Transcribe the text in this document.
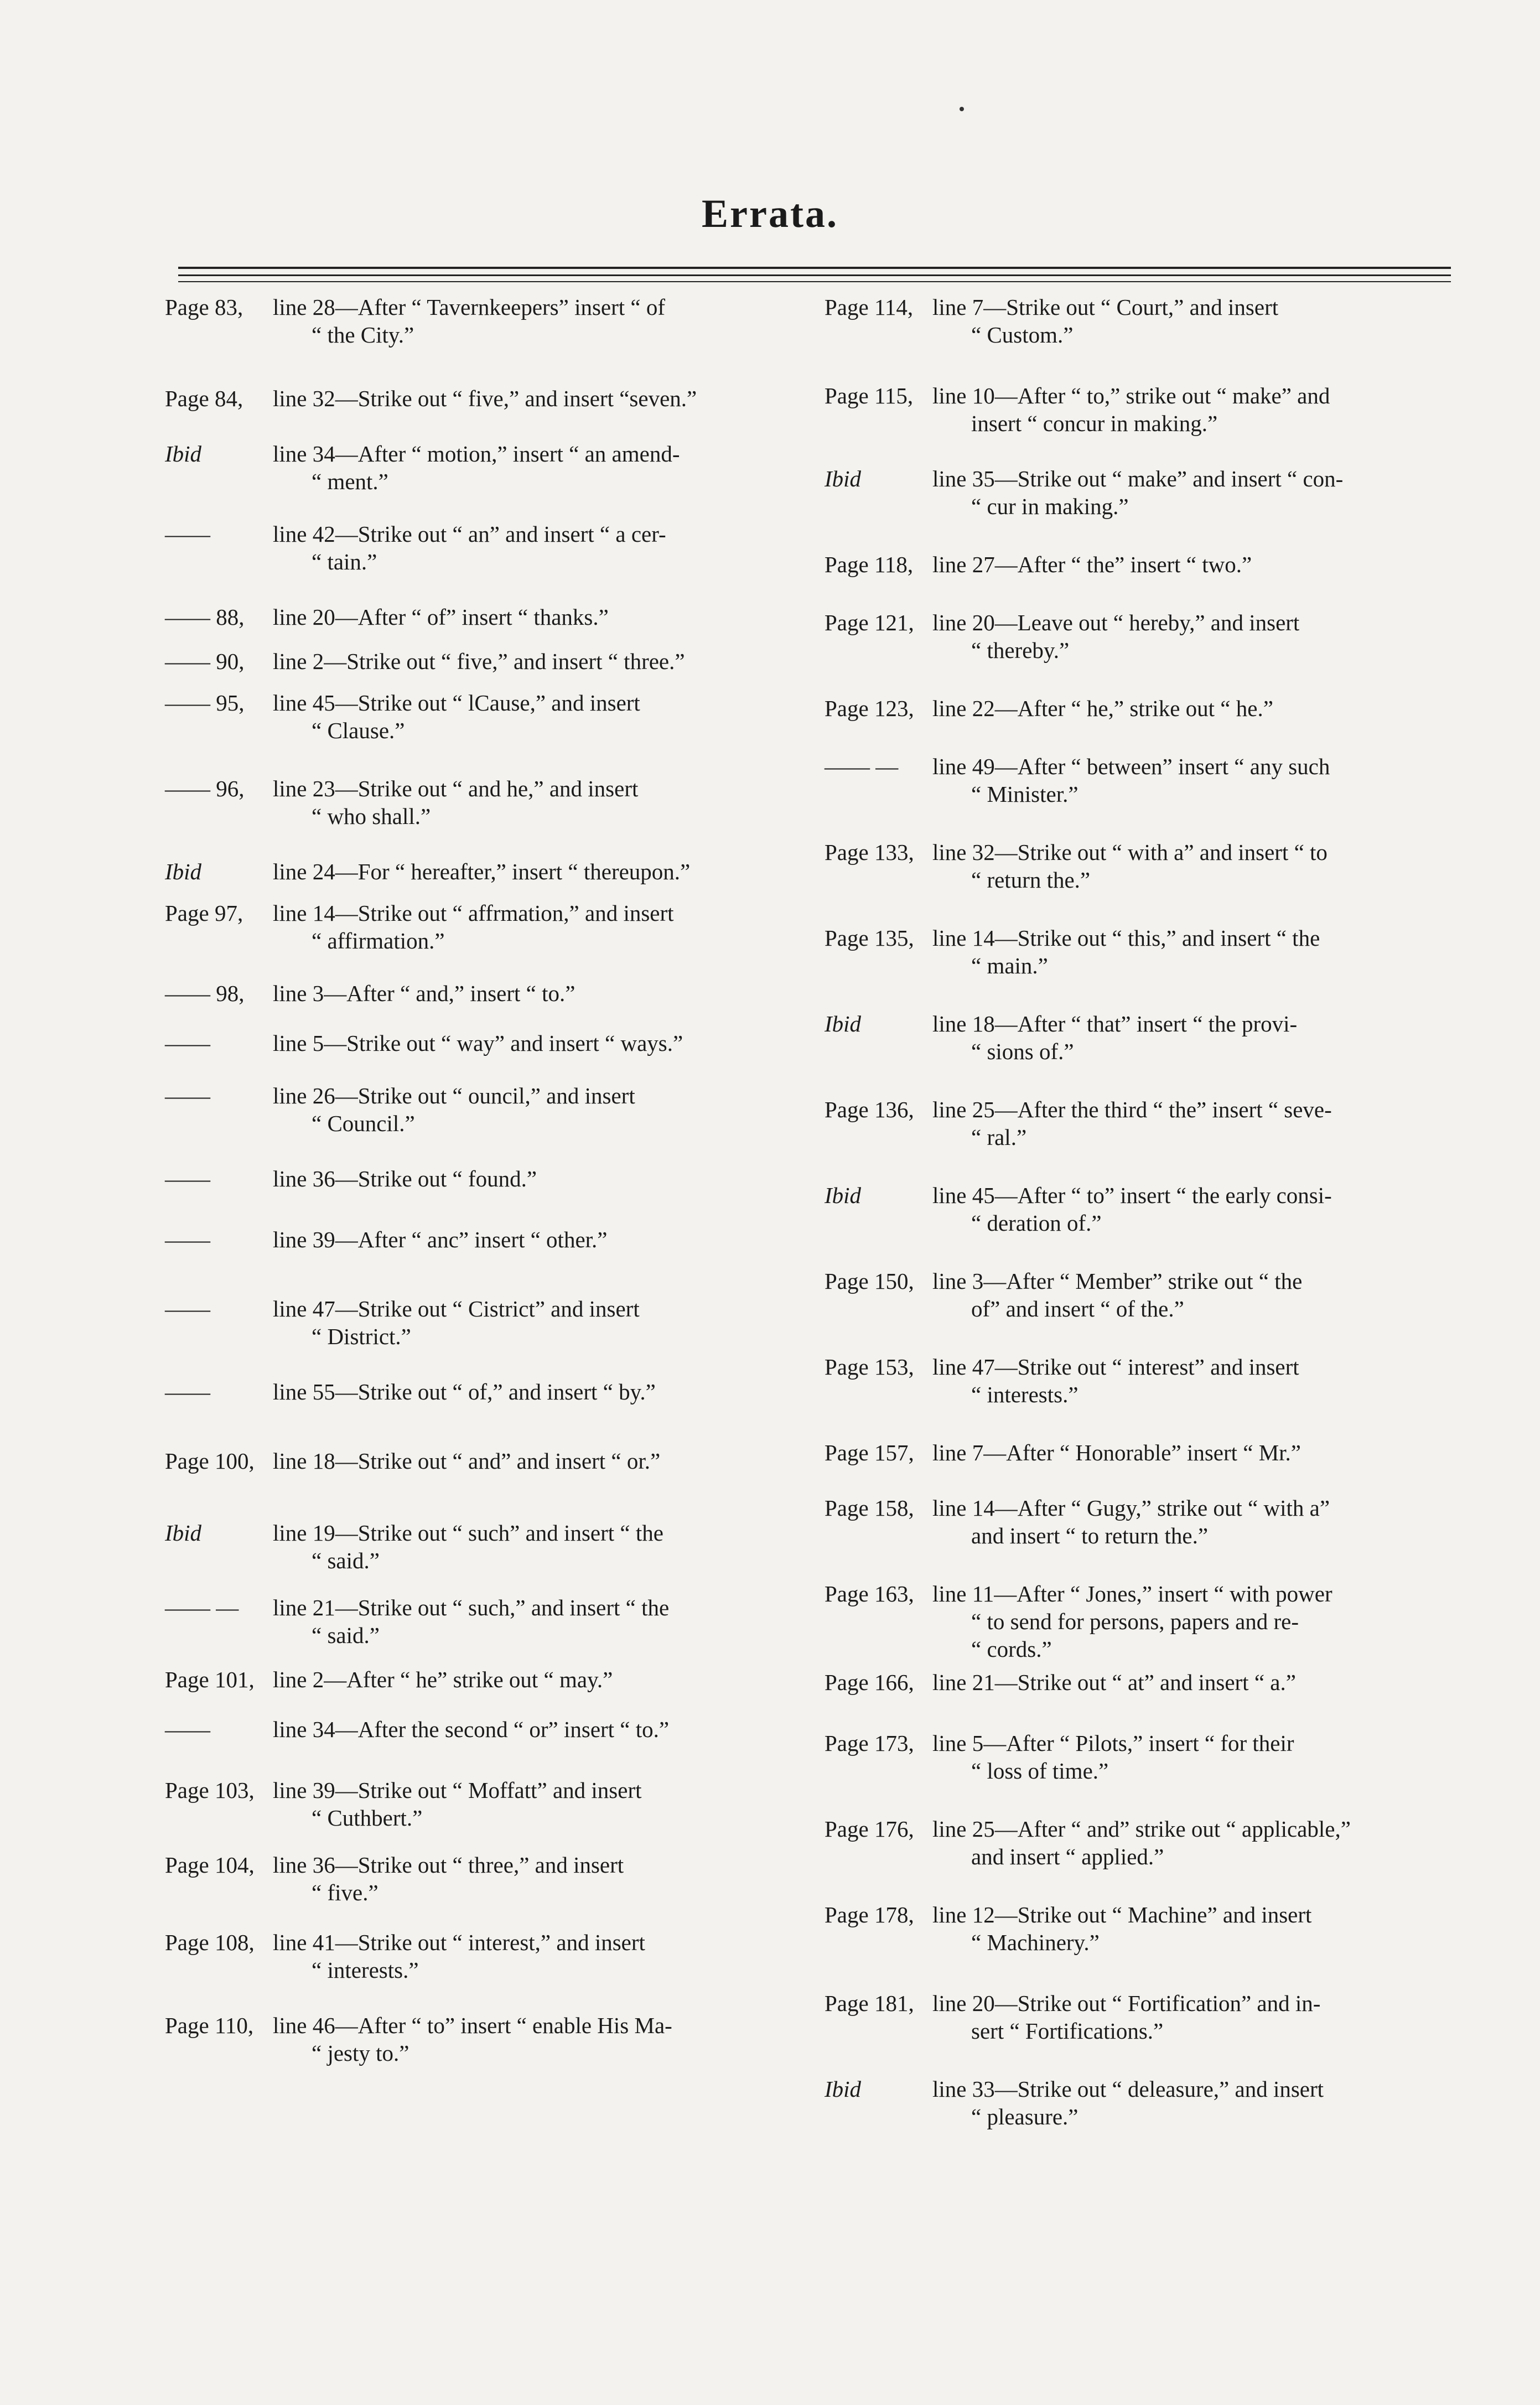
Errata.
Page 83, line 28—After “ Tavernkeepers” insert “ of
“ the City.”
Page 84, line 32—Strike out “ five,” and insert “seven.”
Ibid	line 34—After “ motion,” insert “ an amend-
“ ment.”
——	line 42—Strike out “ an” and insert “ a cer-
“ tain.”
—— 88, line 20—After “ of” insert “ thanks.”
—— 90, line 2—Strike out “ five,” and insert “ three.”
—— 95, line 45—Strike out “ lCause,” and insert
“ Clause.”
—— 96, line 23—Strike out “ and he,” and insert
“ who shall.”
Ibid	line 24—For “ hereafter,” insert “ thereupon.”
Page 97, line 14—Strike out “ affrmation,” and insert
“ affirmation.”
—— 98, line 3—After “ and,” insert “ to.”
——	line 5—Strike out “ way” and insert “ ways.”
——	line 26—Strike out “ ouncil,” and insert
“ Council.”
——	line 36—Strike out “ found.”
——	line 39—After “ anc” insert “ other.”
——	line 47—Strike out “ Cistrict” and insert
“ District.”
——	line 55—Strike out “ of,” and insert “ by.”
Page 100, line 18—Strike out “ and” and insert “ or.”
Ibid	line 19—Strike out “ such” and insert “ the
“ said.”
—— — line 21—Strike out “ such,” and insert “ the
“ said.”
Page 101, line 2—After “ he” strike out “ may.”
——	line 34—After the second “ or” insert “ to.”
Page 103, line 39—Strike out “ Moffatt” and insert
“ Cuthbert.”
Page 104, line 36—Strike out “ three,” and insert
“ five.”
Page 108, line 41—Strike out “ interest,” and insert
“ interests.”
Page 110, line 46—After “ to” insert “ enable His Ma-
“ jesty to.”
Page 114, line 7—Strike out “ Court,” and insert
“ Custom.”
Page 115, line 10—After “ to,” strike out “ make” and
insert “ concur in making.”
Ibid	line 35—Strike out “ make” and insert “ con-
“ cur in making.”
Page 118, line 27—After “ the” insert “ two.”
Page 121, line 20—Leave out “ hereby,” and insert
“ thereby.”
Page 123, line 22—After “ he,” strike out “ he.”
—— — line 49—After “ between” insert “ any such
“ Minister.”
Page 133, line 32—Strike out “ with a” and insert “ to
“ return the.”
Page 135, line 14—Strike out “ this,” and insert “ the
“ main.”
Ibid	line 18—After “ that” insert “ the provi-
“ sions of.”
Page 136, line 25—After the third “ the” insert “ seve-
“ ral.”
Ibid	line 45—After “ to” insert “ the early consi-
“ deration of.”
Page 150, line 3—After “ Member” strike out “ the
of” and insert “ of the.”
Page 153, line 47—Strike out “ interest” and insert
“ interests.”
Page 157, line 7—After “ Honorable” insert “ Mr.”
Page 158, line 14—After “ Gugy,” strike out “ with a”
and insert “ to return the.”
Page 163, line 11—After “ Jones,” insert “ with power
“ to send for persons, papers and re-
“ cords.”
Page 166, line 21—Strike out “ at” and insert “ a.”
Page 173, line 5—After “ Pilots,” insert “ for their
“ loss of time.”
Page 176, line 25—After “ and” strike out “ applicable,”
and insert “ applied.”
Page 178, line 12—Strike out “ Machine” and insert
“ Machinery.”
Page 181, line 20—Strike out “ Fortification” and in-
sert “ Fortifications.”
Ibid	line 33—Strike out “ deleasure,” and insert
“ pleasure.”
